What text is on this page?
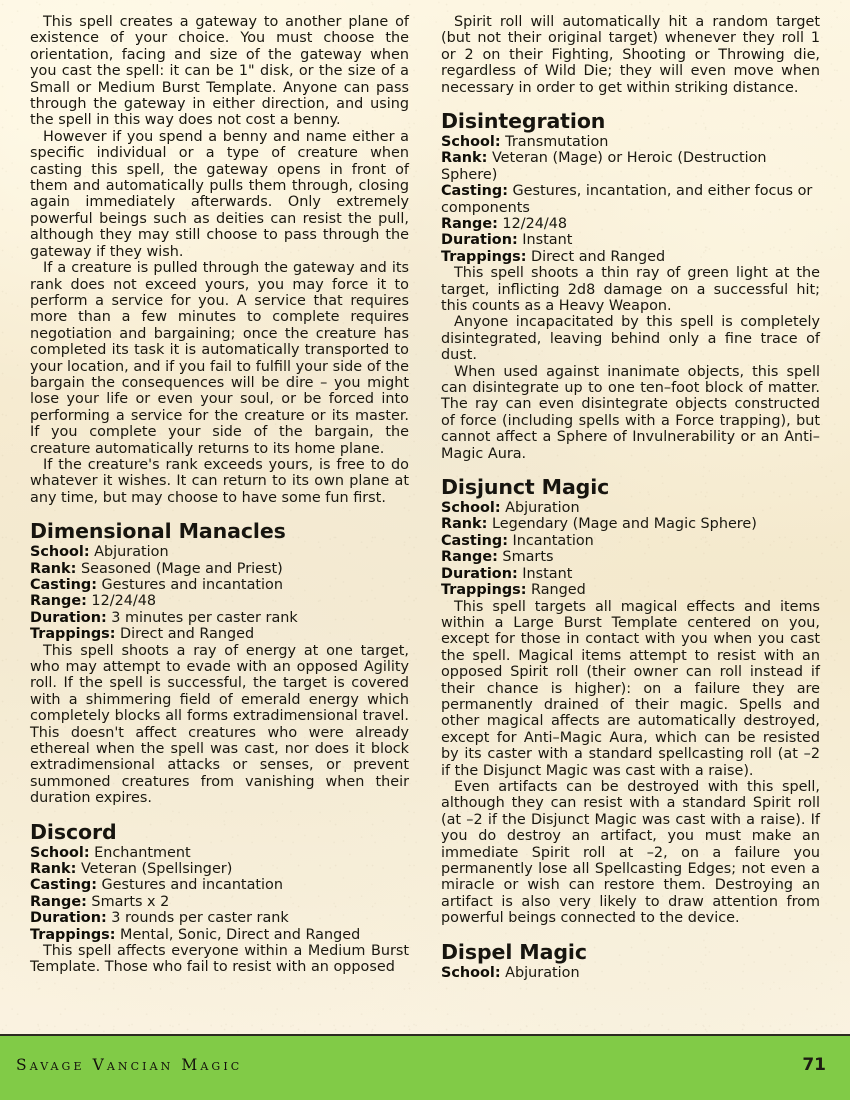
This spell creates a gateway to another plane of existence of your choice. You must choose the orientation, facing and size of the gateway when you cast the spell: it can be 1" disk, or the size of a Small or Medium Burst Template. Anyone can pass through the gateway in either direction, and using the spell in this way does not cost a benny.

However if you spend a benny and name either a specific individual or a type of creature when casting this spell, the gateway opens in front of them and automatically pulls them through, closing again immediately afterwards. Only extremely powerful beings such as deities can resist the pull, although they may still choose to pass through the gateway if they wish.

If a creature is pulled through the gateway and its rank does not exceed yours, you may force it to perform a service for you. A service that requires more than a few minutes to complete requires negotiation and bargaining; once the creature has completed its task it is automatically transported to your location, and if you fail to fulfill your side of the bargain the consequences will be dire – you might lose your life or even your soul, or be forced into performing a service for the creature or its master. If you complete your side of the bargain, the creature automatically returns to its home plane.

If the creature's rank exceeds yours, is free to do whatever it wishes. It can return to its own plane at any time, but may choose to have some fun first.

Dimensional Manacles
School: Abjuration
Rank: Seasoned (Mage and Priest)
Casting: Gestures and incantation
Range: 12/24/48
Duration: 3 minutes per caster rank
Trappings: Direct and Ranged

This spell shoots a ray of energy at one target, who may attempt to evade with an opposed Agility roll. If the spell is successful, the target is covered with a shimmering field of emerald energy which completely blocks all forms extradimensional travel. This doesn't affect creatures who were already ethereal when the spell was cast, nor does it block extradimensional attacks or senses, or prevent summoned creatures from vanishing when their duration expires.

Discord
School: Enchantment
Rank: Veteran (Spellsinger)
Casting: Gestures and incantation
Range: Smarts x 2
Duration: 3 rounds per caster rank
Trappings: Mental, Sonic, Direct and Ranged

This spell affects everyone within a Medium Burst Template. Those who fail to resist with an opposed

Spirit roll will automatically hit a random target (but not their original target) whenever they roll 1 or 2 on their Fighting, Shooting or Throwing die, regardless of Wild Die; they will even move when necessary in order to get within striking distance.

Disintegration
School: Transmutation
Rank: Veteran (Mage) or Heroic (Destruction Sphere)
Casting: Gestures, incantation, and either focus or components
Range: 12/24/48
Duration: Instant
Trappings: Direct and Ranged

This spell shoots a thin ray of green light at the target, inflicting 2d8 damage on a successful hit; this counts as a Heavy Weapon.

Anyone incapacitated by this spell is completely disintegrated, leaving behind only a fine trace of dust.

When used against inanimate objects, this spell can disintegrate up to one ten–foot block of matter. The ray can even disintegrate objects constructed of force (including spells with a Force trapping), but cannot affect a Sphere of Invulnerability or an Anti–Magic Aura.

Disjunct Magic
School: Abjuration
Rank: Legendary (Mage and Magic Sphere)
Casting: Incantation
Range: Smarts
Duration: Instant
Trappings: Ranged

This spell targets all magical effects and items within a Large Burst Template centered on you, except for those in contact with you when you cast the spell. Magical items attempt to resist with an opposed Spirit roll (their owner can roll instead if their chance is higher): on a failure they are permanently drained of their magic. Spells and other magical affects are automatically destroyed, except for Anti–Magic Aura, which can be resisted by its caster with a standard spellcasting roll (at –2 if the Disjunct Magic was cast with a raise).

Even artifacts can be destroyed with this spell, although they can resist with a standard Spirit roll (at –2 if the Disjunct Magic was cast with a raise). If you do destroy an artifact, you must make an immediate Spirit roll at –2, on a failure you permanently lose all Spellcasting Edges; not even a miracle or wish can restore them. Destroying an artifact is also very likely to draw attention from powerful beings connected to the device.

Dispel Magic
School: Abjuration
Savage Vancian Magic	71
